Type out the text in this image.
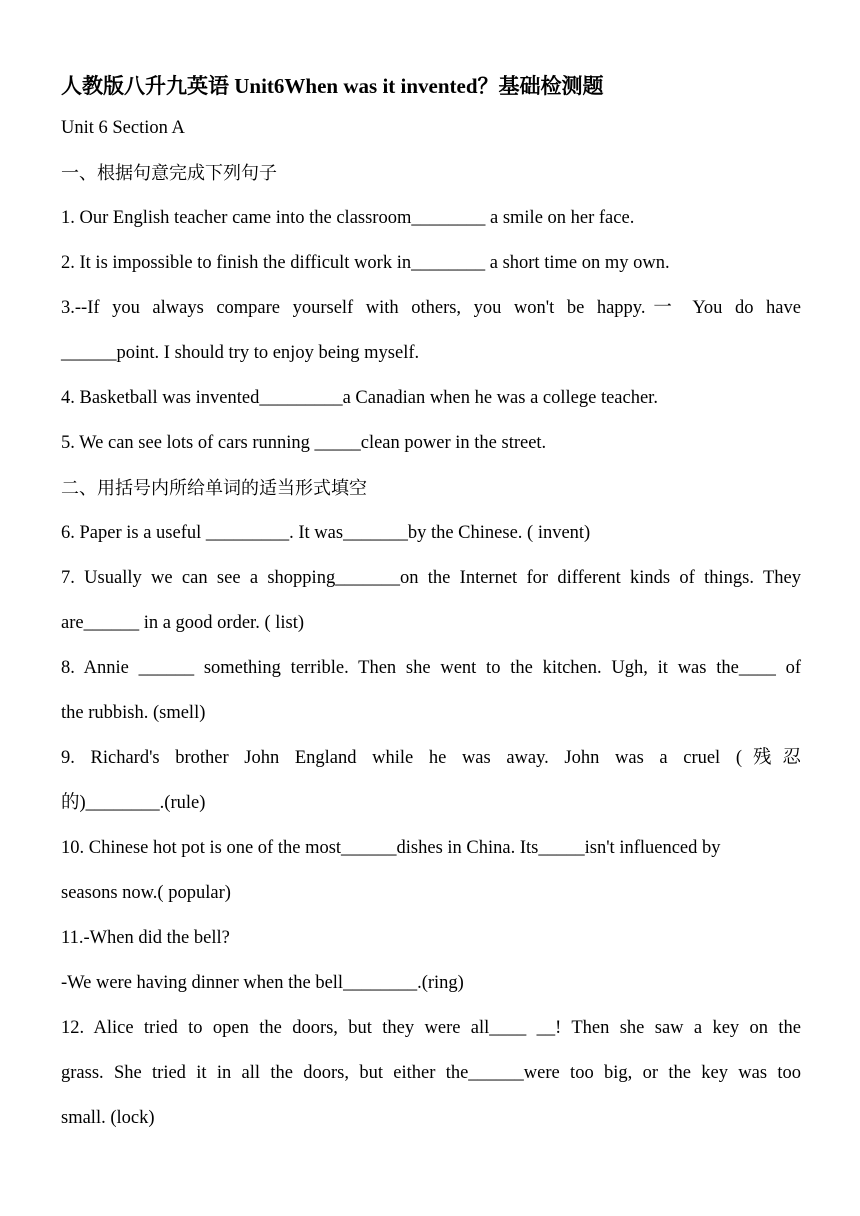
人教版八升九英语 Unit6When was it invented？基础检测题

Unit 6 Section A

一、根据句意完成下列句子

1. Our English teacher came into the classroom________ a smile on her face.

2. It is impossible to finish the difficult work in________ a short time on my own.

3.--If you always compare yourself with others, you won't be happy.一 You do have

______point. I should try to enjoy being myself.

4. Basketball was invented_________a Canadian when he was a college teacher.

5. We can see lots of cars running _____clean power in the street.

二、用括号内所给单词的适当形式填空

6. Paper is a useful _________. It was_______by the Chinese. ( invent)

7. Usually we can see a shopping_______on the Internet for different kinds of things. They

are______ in a good order. ( list)

8. Annie ______ something terrible. Then she went to the kitchen. Ugh, it was the____ of

the rubbish. (smell)

9. Richard's brother John England while he was away. John was a cruel (残忍

的)________.(rule)

10. Chinese hot pot is one of the most______dishes in China. Its_____isn't influenced by

seasons now.( popular)

11.-When did the bell?

-We were having dinner when the bell________.(ring)

12. Alice tried to open the doors, but they were all____ __! Then she saw a key on the

grass. She tried it in all the doors, but either the______were too big, or the key was too

small. (lock)
